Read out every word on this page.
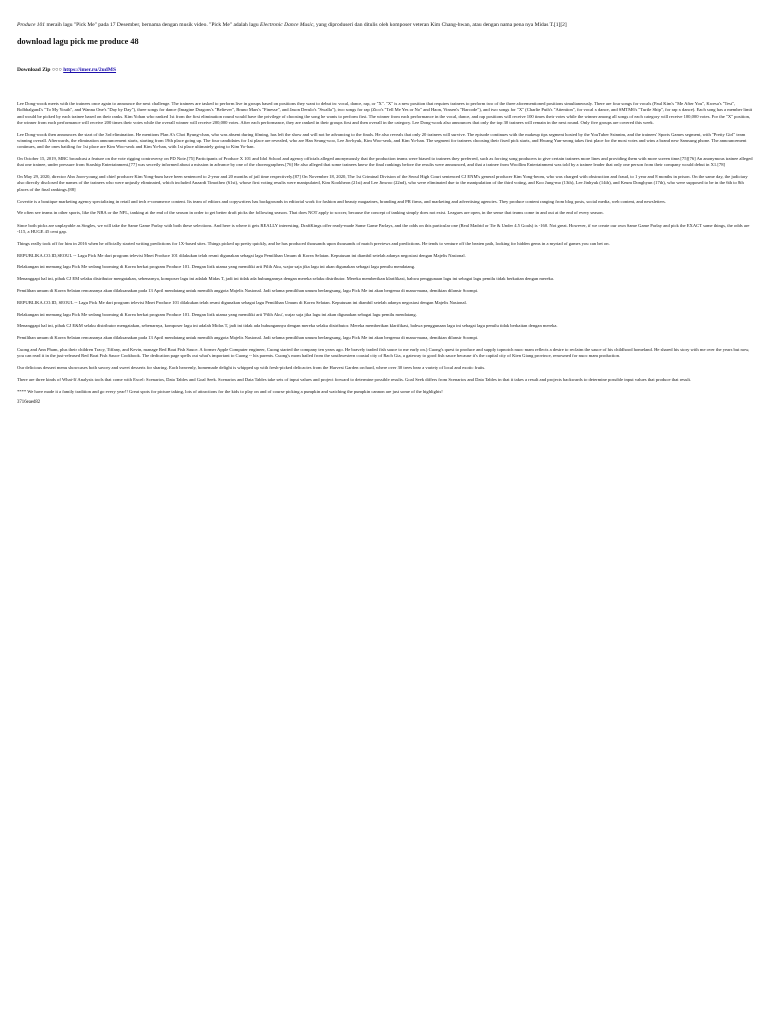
Produce 101 meraih lagu "Pick Me" pada 17 Desember, bernama dengan musik video. "Pick Me" adalah lagu Electronic Dance Music, yang diproduseri dan ditulis oleh komposer veteran Kim Chang-hwan, atau dengan nama pena nya Midas T.[1][2]

download lagu pick me produce 48

Download Zip ○○○ https://imer.ru/2udMS

Lee Dong-wook meets with the trainees once again to announce the next challenge. The trainees are tasked to perform live in groups based on positions they want to debut in: vocal, dance, rap, or "X". "X" is a new position that requires trainees to perform two of the three aforementioned positions simultaneously. There are four songs for vocals (Paul Kim's "Me After You", Kwesa's "Test", Bolbbalgan4's "To My Youth", and Wanna One's "Day by Day"), three songs for dance (Imagine Dragons's "Believer", Bruno Mars's "Finesse", and Jason Derulo's "Swalla"), two songs for rap (Zico's "Tell Me Yes or No" and Haon, Vinxen's "Barcode"), and two songs for "X" (Charlie Puth's "Attention", for vocal x dance, and SMTM6's "Turtle Ship", for rap x dance). Each song has a member limit and would be picked by each trainee based on their ranks. Kim Yohan who ranked 1st from the first elimination round would have the privilege of choosing the song he wants to perform first. The winner from each performance in the vocal, dance, and rap positions will receive 100 times their votes while the winner among all songs of each category will receive 100,000 votes. For the "X" position, the winner from each performance will receive 200 times their votes while the overall winner will receive 200,000 votes. After each performance, they are ranked in their groups first and then overall in the category. Lee Dong-wook also announces that only the top 30 trainees will remain in the next round. Only five groups are covered this week.

Lee Dong-wook then announces the start of the 3rd elimination. He mentions Plan A's Choi Byung-chan, who was absent during filming, has left the show and will not be advancing to the finals. He also reveals that only 20 trainees will survive. The episode continues with the makeup tips segment hosted by the YouTuber Ssinnim, and the trainees' Sports Games segment, with "Pretty Girl" team winning overall. Afterwards, the elimination announcement starts, starting from 19th place going up. The four candidates for 1st place are revealed, who are Han Seung-woo, Lee Jin-hyuk, Kim Woo-seok, and Kim Yo-han. The segment for trainees choosing their fixed pick starts, and Hwang Yun-seong takes first place for the most votes and wins a brand new Samsung phone. The announcement continues, and the ones battling for 1st place are Kim Woo-seok and Kim Yo-han, with 1st place ultimately going to Kim Yo-han.

On October 15, 2019, MBC broadcast a feature on the vote rigging controversy on PD Note.[75] Participants of Produce X 101 and Idol School and agency officials alleged anonymously that the production teams were biased to trainees they preferred, such as forcing song producers to give certain trainees more lines and providing them with more screen time.[75][76] An anonymous trainee alleged that one trainee, under pressure from Starship Entertainment,[77] was secretly informed about a mission in advance by one of the choreographers.[76] He also alleged that some trainees knew the final rankings before the results were announced, and that a trainee from Woollim Entertainment was told by a trainee leader that only one person from their company would debut in X1.[78]

On May 29, 2020, director Ahn Joon-young and chief producer Kim Yong-bum have been sentenced to 2-year and 20 months of jail time respectively.[87] On November 18, 2020, The 1st Criminal Division of the Seoul High Court sentenced CJ ENM's general producer Kim Yong-beom, who was charged with obstruction and fraud, to 1 year and 8 months in prison. On the same day, the judiciary also directly disclosed the names of the trainees who were unjustly eliminated, which included Anzardi Timotheo (61st), whose first voting results were manipulated, Kim Kookheon (21st) and Lee Jinwoo (22nd), who were eliminated due to the manipulation of the third voting, and Koo Jung-mo (13th), Lee Jinhyuk (14th), and Keum Donghyun (17th), who were supposed to be in the 6th to 8th places of the final rankings.[88]

Coverite is a boutique marketing agency specializing in retail and tech e-commerce content. Its team of editors and copywriters has backgrounds in editorial work for fashion and beauty magazines, branding and PR firms, and marketing and advertising agencies. They produce content ranging from blog posts, social media, web content, and newsletters.

We often see teams in other sports, like the NBA or the NFL, tanking at the end of the season in order to get better draft picks the following season. That does NOT apply to soccer, because the concept of tanking simply does not exist. Leagues are open, in the sense that teams come in and out at the end of every season.

Since both picks are unplayable as Singles, we will take the Same Game Parlay with both these selections. And here is where it gets REALLY interesting. DraftKings offer ready-made Same Game Parlays, and the odds on this particular one (Real Madrid or Tie & Under 4.5 Goals) is -160. Not great. However, if we create our own Same Game Parlay and pick the EXACT same things, the odds are -115, a HUGE 45 cent gap.

Things really took off for him in 2016 when he officially started writing predictions for 1X-based sites. Things picked up pretty quickly, and he has produced thousands upon thousands of match previews and predictions. He tends to venture off the beaten path, looking for hidden gems in a myriad of games you can bet on.

REPUBLIKA.CO.ID,SEOUL -- Lagu Pick Me dari program televisi Mnet Produce 101 dilakukan telah resmi digunakan sebagai lagu Pemilihan Umum di Korea Selatan. Keputusan ini diambil setelah adanya negosiasi dengan Majelis Nasional.

Belakangan ini memang lagu Pick Me sedang booming di Korea berkat program Produce 101. Dengan lirik utama yang memiliki arti Pilih Aku, wajar saja jika lagu ini akan digunakan sebagai lagu pemilu mendatang.

Menanggapi hal ini, pihak CJ EM selaku distributor mengatakan, sebenarnya, komposer lagu ini adalah Midas T, jadi ini tidak ada hubungannya dengan mereka selaku distributor. Mereka memberikan klarifikasi, bahwa penggunaan lagu ini sebagai lagu pemilu tidak berkaitan dengan mereka.

Pemilihan umum di Korea Selatan rencananya akan dilaksanakan pada 13 April mendatang untuk memilih anggota Majelis Nasional. Jadi selama pemilihan umum berlangsung, lagu Pick Me ini akan bergema di mana-mana, demikian dilansir Soompi.

REPUBLIKA.CO.ID, SEOUL -- Lagu Pick Me dari program televisi Mnet Produce 101 dilakukan telah resmi digunakan sebagai lagu Pemilihan Umum di Korea Selatan. Keputusan ini diambil setelah adanya negosiasi dengan Majelis Nasional.

Belakangan ini memang lagu Pick Me sedang booming di Korea berkat program Produce 101. Dengan lirik utama yang memiliki arti 'Pilih Aku', wajar saja jika lagu ini akan digunakan sebagai lagu pemilu mendatang.

Menanggapi hal ini, pihak CJ E&M selaku distributor mengatakan, sebenarnya, komposer lagu ini adalah Midas T, jadi ini tidak ada hubungannya dengan mereka selaku distributor. Mereka memberikan klarifikasi, bahwa penggunaan lagu ini sebagai lagu pemilu tidak berkaitan dengan mereka.

Pemilihan umum di Korea Selatan rencananya akan dilaksanakan pada 13 April mendatang untuk memilih anggota Majelis Nasional. Jadi selama pemilihan umum berlangsung, lagu Pick Me ini akan bergema di mana-mana, demikian dilansir Soompi.

Cuong and Ann Pham, plus their children Tracy, Tiffany, and Kevin, manage Red Boat Fish Sauce. A former Apple Computer engineer, Cuong started the company ten years ago. He bravely traded fish sauce to me early on.) Cuong's quest to produce and supply topnotch nuoc mam reflects a desire to reclaim the sauce of his childhood homeland. He shared his story with me over the years but now, you can read it in the just-released Red Boat Fish Sauce Cookbook. The dedication page spells out what's important to Cuong -- his parents. Cuong's mom hailed from the southwestern coastal city of Rach Gia, a gateway to good fish sauce because it's the capital city of Kien Giang province, renowned for nuoc mam production.

Our delicious dessert menu showcases both savory and sweet desserts for sharing. Each heavenly, homemade delight is whipped up with fresh-picked delicacies from the Harvest Garden orchard, where over 30 trees bear a variety of local and exotic fruits.

There are three kinds of What-If Analysis tools that come with Excel: Scenarios, Data Tables and Goal Seek. Scenarios and Data Tables take sets of input values and project forward to determine possible results. Goal Seek differs from Scenarios and Data Tables in that it takes a result and projects backwards to determine possible input values that produce that result.

**** We have made it a family tradition and go every year!! Great spots for picture taking, lots of attractions for the kids to play on and of course picking a pumpkin and watching the pumpkin cannon are just some of the highlights!

3716eaed82
